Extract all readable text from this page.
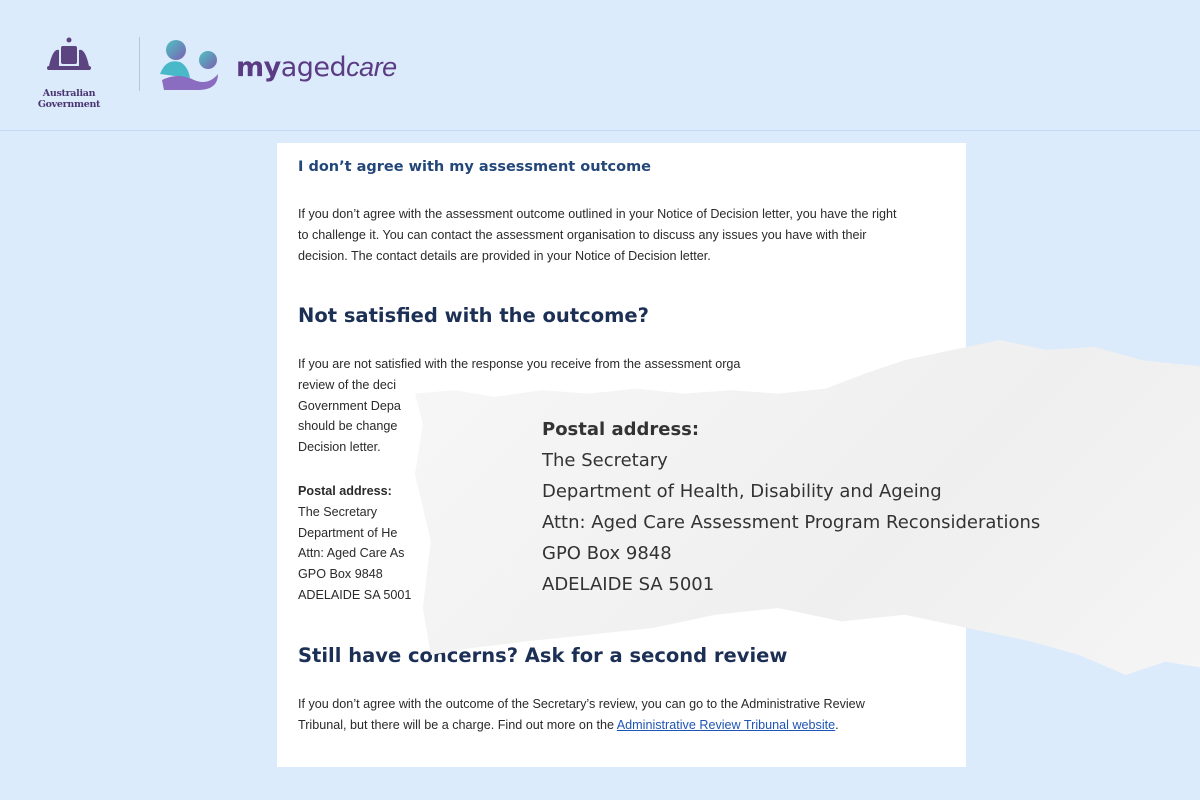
Australian Government
myagedcare
I don’t agree with my assessment outcome
If you don’t agree with the assessment outcome outlined in your Notice of Decision letter, you have the right
to challenge it. You can contact the assessment organisation to discuss any issues you have with their
decision. The contact details are provided in your Notice of Decision letter.
Not satisfied with the outcome?
If you are not satisfied with the response you receive from the assessment orga
review of the deci
Government Depa
should be change
Decision letter.
Postal address:
The Secretary
Department of He
Attn: Aged Care As
GPO Box 9848
ADELAIDE SA 5001
Still have concerns? Ask for a second review
If you don’t agree with the outcome of the Secretary’s review, you can go to the Administrative Review
Tribunal, but there will be a charge. Find out more on the Administrative Review Tribunal website.
Postal address:
The Secretary
Department of Health, Disability and Ageing
Attn: Aged Care Assessment Program Reconsiderations
GPO Box 9848
ADELAIDE SA 5001
